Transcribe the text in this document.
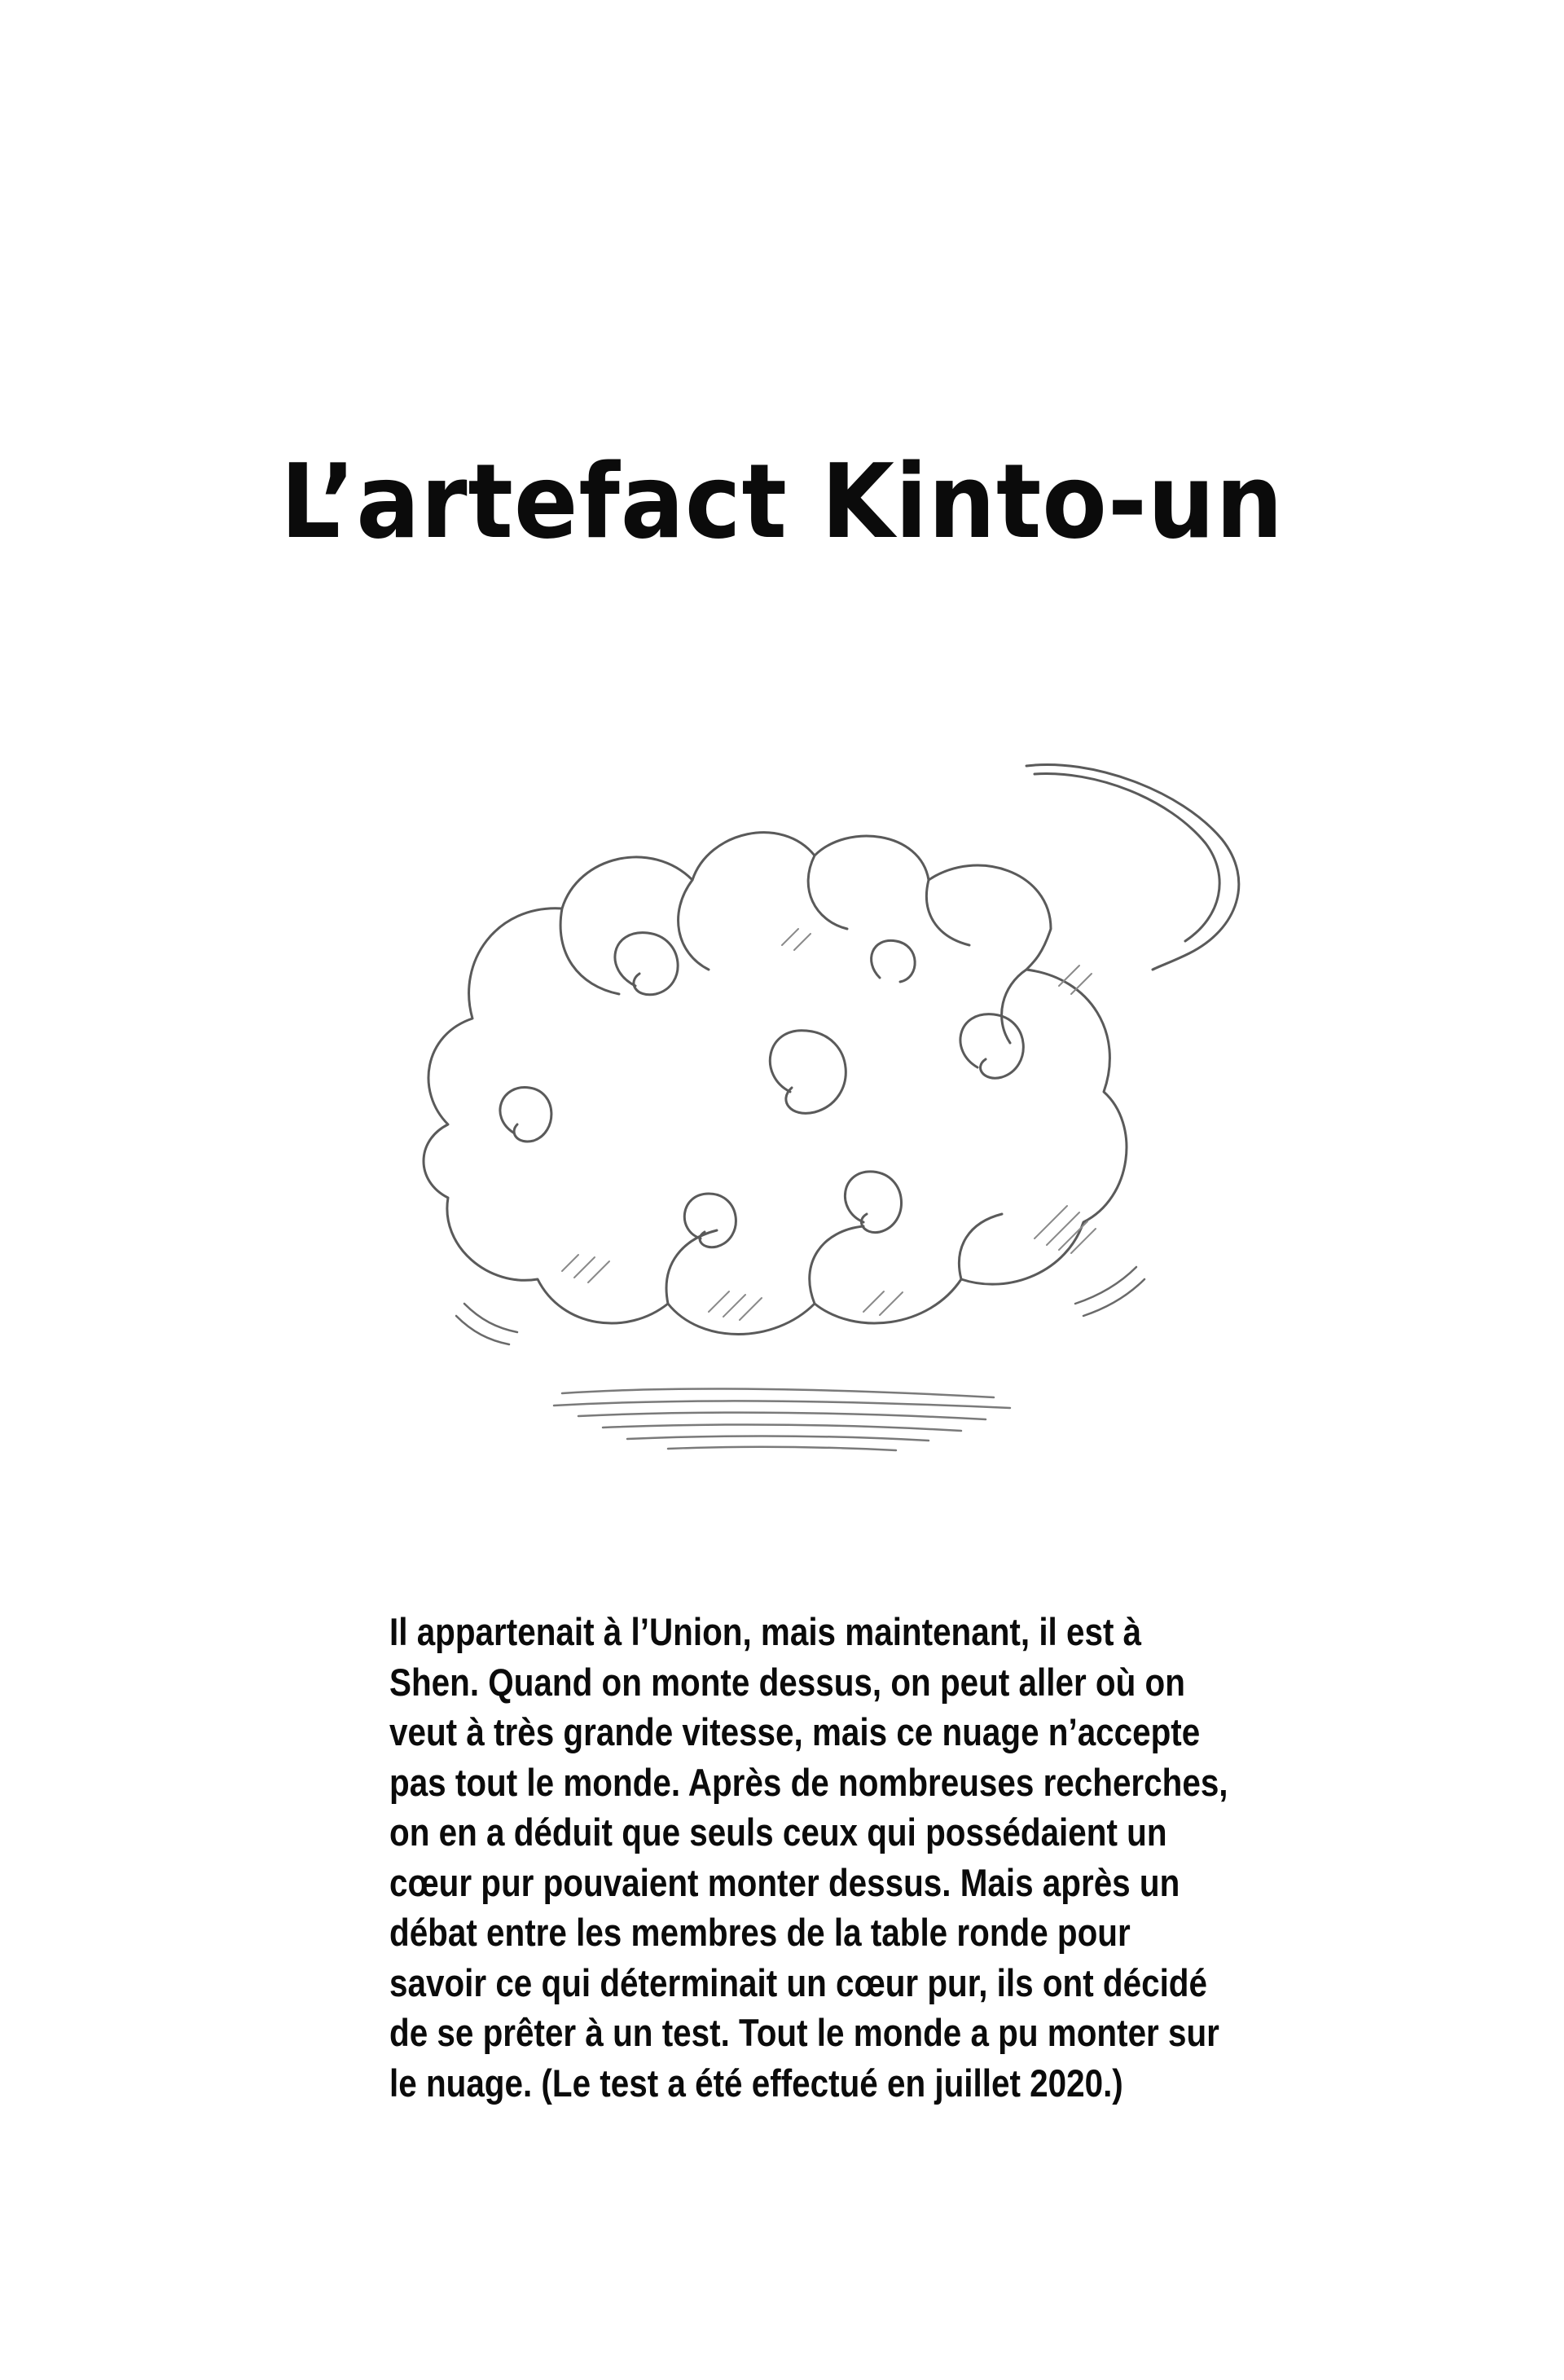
L’artefact Kinto-un
Il appartenait à l’Union, mais maintenant, il est à
Shen. Quand on monte dessus, on peut aller où on
veut à très grande vitesse, mais ce nuage n’accepte
pas tout le monde. Après de nombreuses recherches,
on en a déduit que seuls ceux qui possédaient un
cœur pur pouvaient monter dessus. Mais après un
débat entre les membres de la table ronde pour
savoir ce qui déterminait un cœur pur, ils ont décidé
de se prêter à un test. Tout le monde a pu monter sur
le nuage. (Le test a été effectué en juillet 2020.)
